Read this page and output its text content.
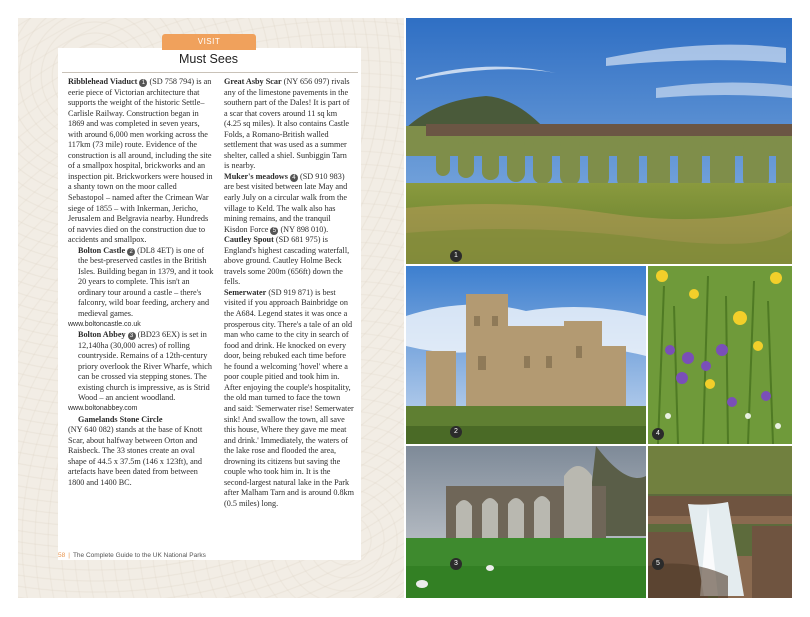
VISIT
Must Sees

Ribblehead Viaduct 1 (SD 758 794) is an eerie piece of Victorian architecture that supports the weight of the historic Settle–Carlisle Railway. Construction began in 1869 and was completed in seven years, with around 6,000 men working across the 117km (73 mile) route. Evidence of the construction is all around, including the site of a smallpox hospital, brickworks and an inspection pit. Brickworkers were housed in a shanty town on the moor called Sebastopol – named after the Crimean War siege of 1855 – with Inkerman, Jericho, Jerusalem and Belgravia nearby. Hundreds of navvies died on the construction due to accidents and smallpox.

Bolton Castle 2 (DL8 4ET) is one of the best-preserved castles in the British Isles. Building began in 1379, and it took 20 years to complete. This isn't an ordinary tour around a castle – there's falconry, wild boar feeding, archery and medieval games.

www.boltoncastle.co.uk

Bolton Abbey 3 (BD23 6EX) is set in 12,140ha (30,000 acres) of rolling countryside. Remains of a 12th-century priory overlook the River Wharfe, which can be crossed via stepping stones. The existing church is impressive, as is Strid Wood – an ancient woodland.

www.boltonabbey.com

Gamelands Stone Circle
(NY 640 082) stands at the base of Knott Scar, about halfway between Orton and Raisbeck. The 33 stones create an oval shape of 44.5 x 37.5m (146 x 123ft), and artefacts have been dated from between 1800 and 1400 BC.

Great Asby Scar (NY 656 097) rivals any of the limestone pavements in the southern part of the Dales! It is part of a scar that covers around 11 sq km (4.25 sq miles). It also contains Castle Folds, a Romano-British walled settlement that was used as a summer shelter, called a shiel. Sunbiggin Tarn is nearby.

Muker's meadows 4 (SD 910 983) are best visited between late May and early July on a circular walk from the village to Keld. The walk also has mining remains, and the tranquil Kisdon Force 5 (NY 898 010).

Cautley Spout (SD 681 975) is England's highest cascading waterfall, above ground. Cautley Holme Beck travels some 200m (656ft) down the fells.

Semerwater (SD 919 871) is best visited if you approach Bainbridge on the A684. Legend states it was once a prosperous city. There's a tale of an old man who came to the city in search of food and drink. He knocked on every door, being rebuked each time before he found a welcoming 'hovel' where a poor couple pitied and took him in. After enjoying the couple's hospitality, the old man turned to face the town and said: 'Semerwater rise! Semerwater sink! And swallow the town, all save this house, Where they gave me meat and drink.' Immediately, the waters of the lake rose and flooded the area, drowning its citizens but saving the couple who took him in. It is the second-largest natural lake in the Park after Malham Tarn and is around 0.8km (0.5 miles) long.

58 | The Complete Guide to the UK National Parks
1
2	4
3	5
